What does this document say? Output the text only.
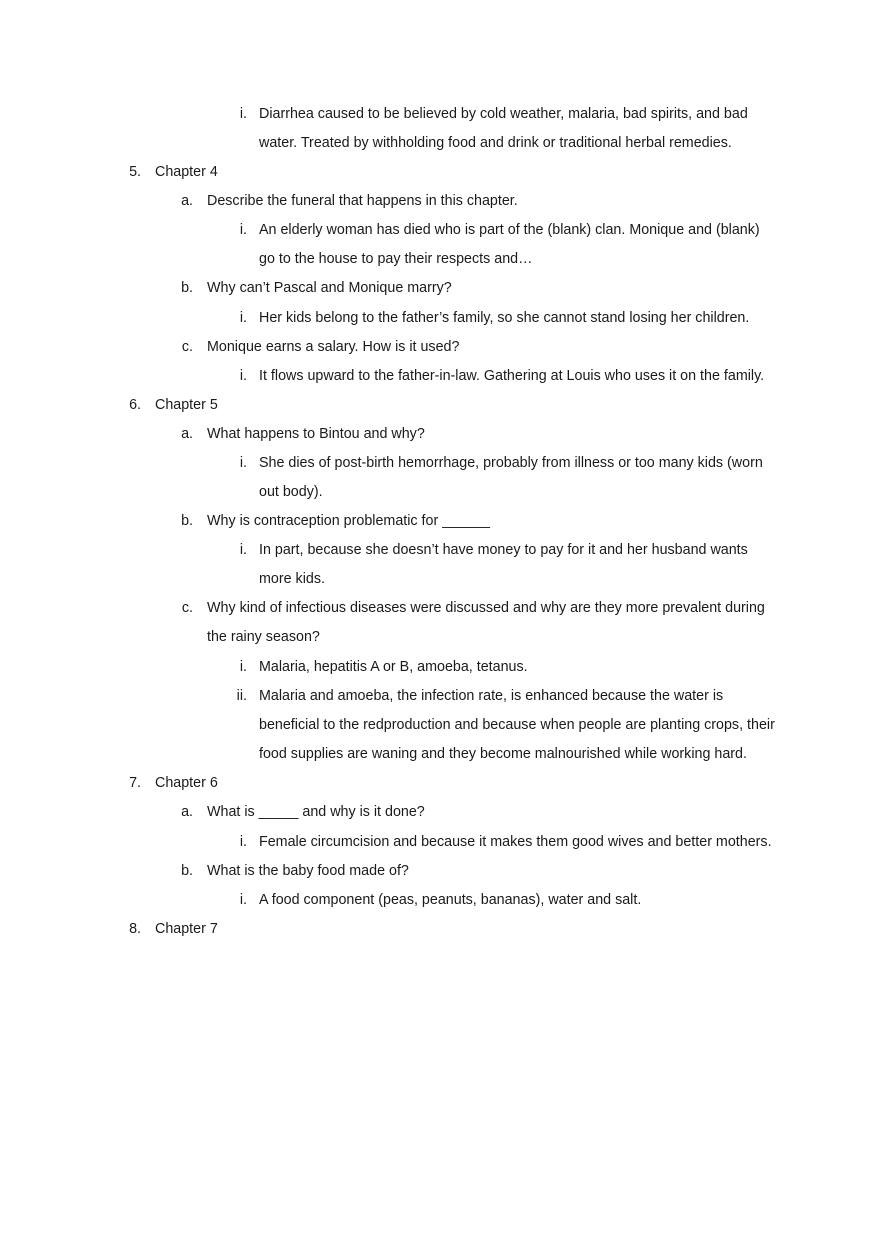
i. Diarrhea caused to be believed by cold weather, malaria, bad spirits, and bad water. Treated by withholding food and drink or traditional herbal remedies.
5. Chapter 4
a. Describe the funeral that happens in this chapter.
i. An elderly woman has died who is part of the (blank) clan. Monique and (blank) go to the house to pay their respects and…
b. Why can’t Pascal and Monique marry?
i. Her kids belong to the father’s family, so she cannot stand losing her children.
c. Monique earns a salary. How is it used?
i. It flows upward to the father-in-law. Gathering at Louis who uses it on the family.
6. Chapter 5
a. What happens to Bintou and why?
i. She dies of post-birth hemorrhage, probably from illness or too many kids (worn out body).
b. Why is contraception problematic for ______
i. In part, because she doesn’t have money to pay for it and her husband wants more kids.
c. Why kind of infectious diseases were discussed and why are they more prevalent during the rainy season?
i. Malaria, hepatitis A or B, amoeba, tetanus.
ii. Malaria and amoeba, the infection rate, is enhanced because the water is beneficial to the redproduction and because when people are planting crops, their food supplies are waning and they become malnourished while working hard.
7. Chapter 6
a. What is _____ and why is it done?
i. Female circumcision and because it makes them good wives and better mothers.
b. What is the baby food made of?
i. A food component (peas, peanuts, bananas), water and salt.
8. Chapter 7
